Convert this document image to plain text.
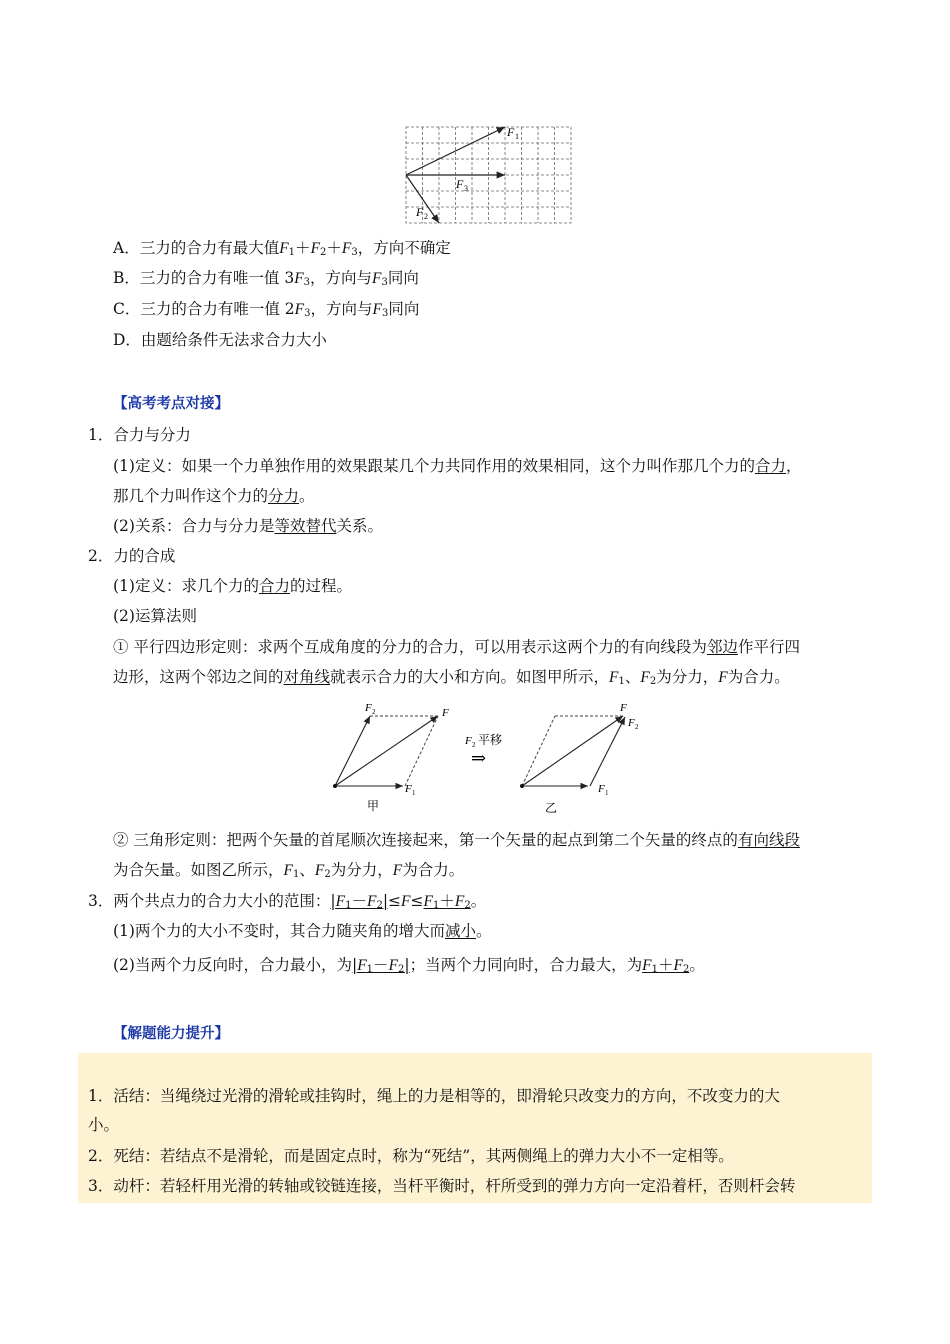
F 1
F 3
F 2
A．三力的合力有最大值$F_1+F_2+F_3$，方向不确定
B．三力的合力有唯一值 $3F_3$，方向与$F_3$同向
C．三力的合力有唯一值 $2F_3$，方向与$F_3$同向
D．由题给条件无法求合力大小
【高考考点对接】
1．合力与分力
(1)定义：如果一个力单独作用的效果跟某几个力共同作用的效果相同，这个力叫作那几个力的合力，
那几个力叫作这个力的分力。
(2)关系：合力与分力是等效替代关系。
2．力的合成
(1)定义：求几个力的合力的过程。
(2)运算法则
① 平行四边形定则：求两个互成角度的分力的合力，可以用表示这两个力的有向线段为邻边作平行四
边形，这两个邻边之间的对角线就表示合力的大小和方向。如图甲所示，$F_1$、$F_2$为分力，F为合力。
F 2	F
F 1
甲
F 2 平移
⇒
F
F 2
F 1
乙
② 三角形定则：把两个矢量的首尾顺次连接起来，第一个矢量的起点到第二个矢量的终点的有向线段
为合矢量。如图乙所示，$F_1$、$F_2$为分力，F为合力。
3．两个共点力的合力大小的范围：$|F_1-F_2|\le F\le F_1+F_2$。
(1)两个力的大小不变时，其合力随夹角的增大而减小。
(2)当两个力反向时，合力最小，为$|F_1-F_2|$；当两个力同向时，合力最大，为$F_1+F_2$。
【解题能力提升】
1．活结：当绳绕过光滑的滑轮或挂钩时，绳上的力是相等的，即滑轮只改变力的方向，不改变力的大
小。
2．死结：若结点不是滑轮，而是固定点时，称为“死结”，其两侧绳上的弹力大小不一定相等。
3．动杆：若轻杆用光滑的转轴或铰链连接，当杆平衡时，杆所受到的弹力方向一定沿着杆，否则杆会转
